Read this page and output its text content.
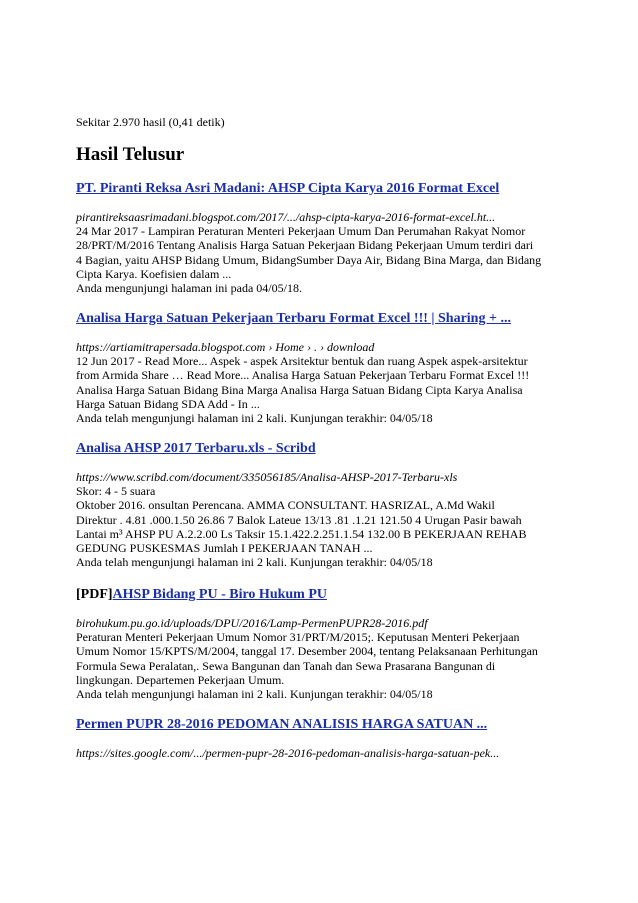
Sekitar 2.970 hasil (0,41 detik)
Hasil Telusur
PT. Piranti Reksa Asri Madani: AHSP Cipta Karya 2016 Format Excel
pirantireksaasrimadani.blogspot.com/2017/.../ahsp-cipta-karya-2016-format-excel.ht...

24 Mar 2017 - Lampiran Peraturan Menteri Pekerjaan Umum Dan Perumahan Rakyat Nomor

28/PRT/M/2016 Tentang Analisis Harga Satuan Pekerjaan Bidang Pekerjaan Umum terdiri dari

4 Bagian, yaitu AHSP Bidang Umum, BidangSumber Daya Air, Bidang Bina Marga, dan Bidang

Cipta Karya. Koefisien dalam ...

Anda mengunjungi halaman ini pada 04/05/18.

Analisa Harga Satuan Pekerjaan Terbaru Format Excel !!! | Sharing + ...
https://artiamitrapersada.blogspot.com › Home › . › download

12 Jun 2017 - Read More... Aspek - aspek Arsitektur bentuk dan ruang Aspek aspek-arsitektur

from Armida Share … Read More... Analisa Harga Satuan Pekerjaan Terbaru Format Excel !!!

Analisa Harga Satuan Bidang Bina Marga Analisa Harga Satuan Bidang Cipta Karya Analisa

Harga Satuan Bidang SDA Add - In ...

Anda telah mengunjungi halaman ini 2 kali. Kunjungan terakhir: 04/05/18

Analisa AHSP 2017 Terbaru.xls - Scribd
https://www.scribd.com/document/335056185/Analisa-AHSP-2017-Terbaru-xls

Skor: 4 - 5 suara

Oktober 2016. onsultan Perencana. AMMA CONSULTANT. HASRIZAL, A.Md Wakil

Direktur . 4.81 .000.1.50 26.86 7 Balok Lateue 13/13 .81 .1.21 121.50 4 Urugan Pasir bawah

Lantai m³ AHSP PU A.2.2.00 Ls Taksir 15.1.422.2.251.1.54 132.00 B PEKERJAAN REHAB

GEDUNG PUSKESMAS Jumlah I PEKERJAAN TANAH ...

Anda telah mengunjungi halaman ini 2 kali. Kunjungan terakhir: 04/05/18

[PDF]AHSP Bidang PU - Biro Hukum PU
birohukum.pu.go.id/uploads/DPU/2016/Lamp-PermenPUPR28-2016.pdf

Peraturan Menteri Pekerjaan Umum Nomor 31/PRT/M/2015;. Keputusan Menteri Pekerjaan

Umum Nomor 15/KPTS/M/2004, tanggal 17. Desember 2004, tentang Pelaksanaan Perhitungan

Formula Sewa Peralatan,. Sewa Bangunan dan Tanah dan Sewa Prasarana Bangunan di

lingkungan. Departemen Pekerjaan Umum.

Anda telah mengunjungi halaman ini 2 kali. Kunjungan terakhir: 04/05/18

Permen PUPR 28-2016 PEDOMAN ANALISIS HARGA SATUAN ...
https://sites.google.com/.../permen-pupr-28-2016-pedoman-analisis-harga-satuan-pek...
